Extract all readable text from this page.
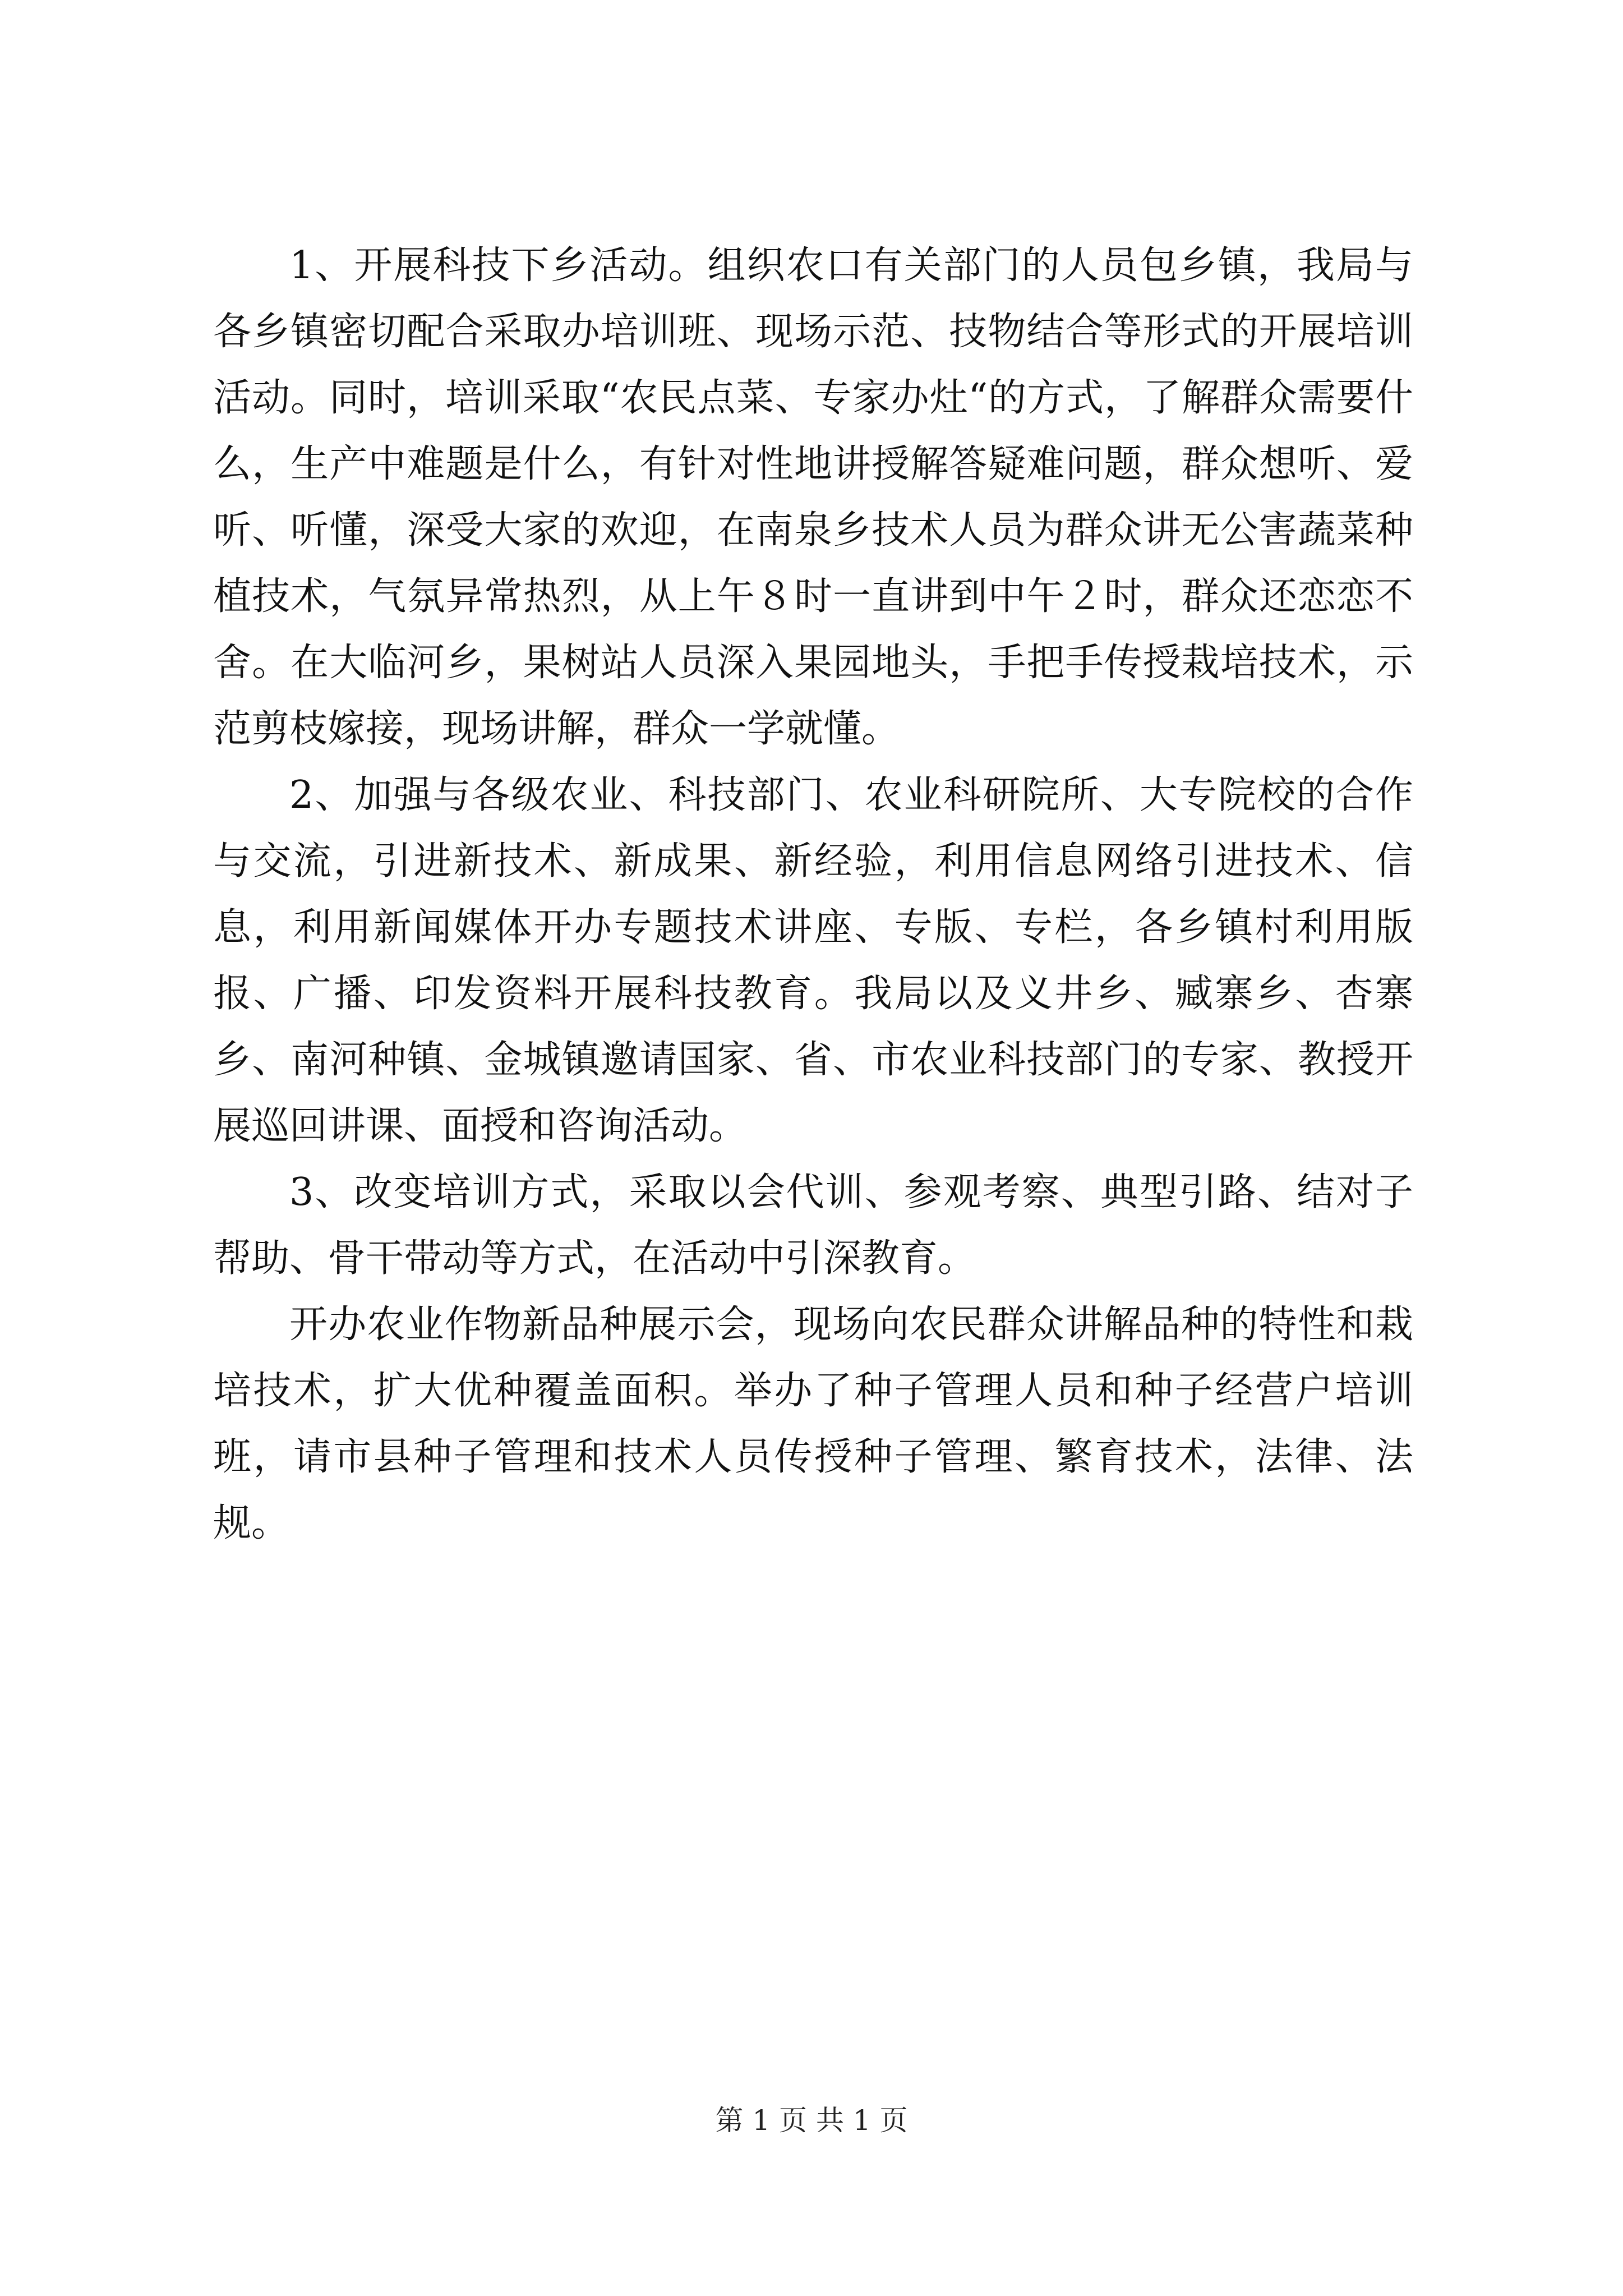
1、开展科技下乡活动。组织农口有关部门的人员包乡镇，我局与各乡镇密切配合采取办培训班、现场示范、技物结合等形式的开展培训活动。同时，培训采取“农民点菜、专家办灶“的方式，了解群众需要什么，生产中难题是什么，有针对性地讲授解答疑难问题，群众想听、爱听、听懂，深受大家的欢迎，在南泉乡技术人员为群众讲无公害蔬菜种植技术，气氛异常热烈，从上午８时一直讲到中午２时，群众还恋恋不舍。在大临河乡，果树站人员深入果园地头，手把手传授栽培技术，示范剪枝嫁接，现场讲解，群众一学就懂。

2、加强与各级农业、科技部门、农业科研院所、大专院校的合作与交流，引进新技术、新成果、新经验，利用信息网络引进技术、信息，利用新闻媒体开办专题技术讲座、专版、专栏，各乡镇村利用版报、广播、印发资料开展科技教育。我局以及义井乡、臧寨乡、杏寨乡、南河种镇、金城镇邀请国家、省、市农业科技部门的专家、教授开展巡回讲课、面授和咨询活动。

3、改变培训方式，采取以会代训、参观考察、典型引路、结对子帮助、骨干带动等方式，在活动中引深教育。

开办农业作物新品种展示会，现场向农民群众讲解品种的特性和栽培技术，扩大优种覆盖面积。举办了种子管理人员和种子经营户培训班，请市县种子管理和技术人员传授种子管理、繁育技术，法律、法规。

第 1 页 共 1 页
